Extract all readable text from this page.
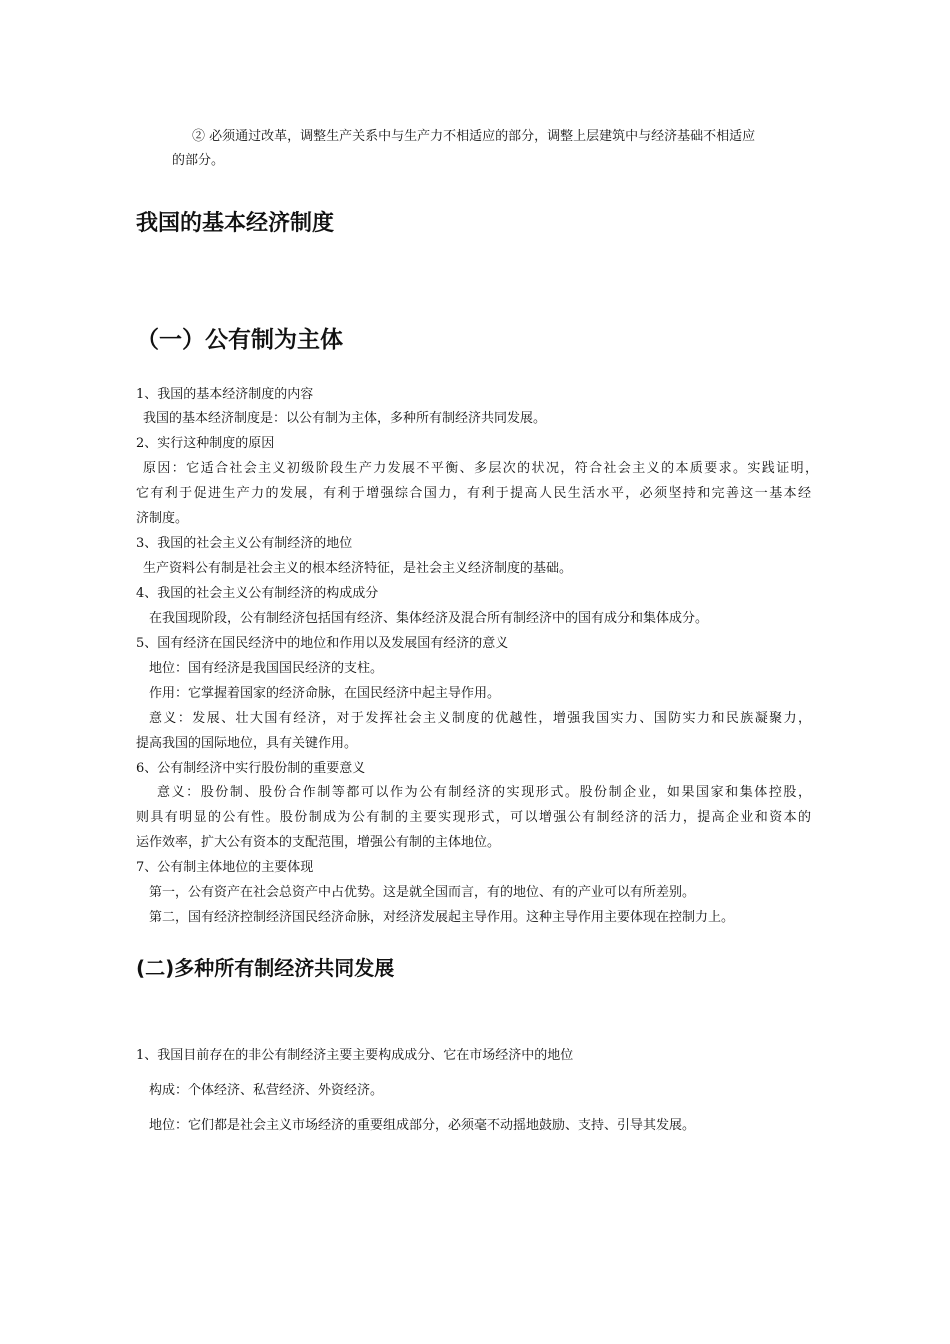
② 必须通过改革，调整生产关系中与生产力不相适应的部分，调整上层建筑中与经济基础不相适应
的部分。
我国的基本经济制度
（一）公有制为主体
1、我国的基本经济制度的内容
我国的基本经济制度是：以公有制为主体，多种所有制经济共同发展。
2、实行这种制度的原因
原因：它适合社会主义初级阶段生产力发展不平衡、多层次的状况，符合社会主义的本质要求。实践证明，
它有利于促进生产力的发展，有利于增强综合国力，有利于提高人民生活水平，必须坚持和完善这一基本经
济制度。
3、我国的社会主义公有制经济的地位
生产资料公有制是社会主义的根本经济特征，是社会主义经济制度的基础。
4、我国的社会主义公有制经济的构成成分
在我国现阶段，公有制经济包括国有经济、集体经济及混合所有制经济中的国有成分和集体成分。
5、国有经济在国民经济中的地位和作用以及发展国有经济的意义
地位：国有经济是我国国民经济的支柱。
作用：它掌握着国家的经济命脉，在国民经济中起主导作用。
意义：发展、壮大国有经济，对于发挥社会主义制度的优越性，增强我国实力、国防实力和民族凝聚力，
提高我国的国际地位，具有关键作用。
6、公有制经济中实行股份制的重要意义
意义：股份制、股份合作制等都可以作为公有制经济的实现形式。股份制企业，如果国家和集体控股，
则具有明显的公有性。股份制成为公有制的主要实现形式，可以增强公有制经济的活力，提高企业和资本的
运作效率，扩大公有资本的支配范围，增强公有制的主体地位。
7、公有制主体地位的主要体现
第一，公有资产在社会总资产中占优势。这是就全国而言，有的地位、有的产业可以有所差别。
第二，国有经济控制经济国民经济命脉，对经济发展起主导作用。这种主导作用主要体现在控制力上。
(二)多种所有制经济共同发展
1、我国目前存在的非公有制经济主要主要构成成分、它在市场经济中的地位
构成：个体经济、私营经济、外资经济。
地位：它们都是社会主义市场经济的重要组成部分，必须毫不动摇地鼓励、支持、引导其发展。
